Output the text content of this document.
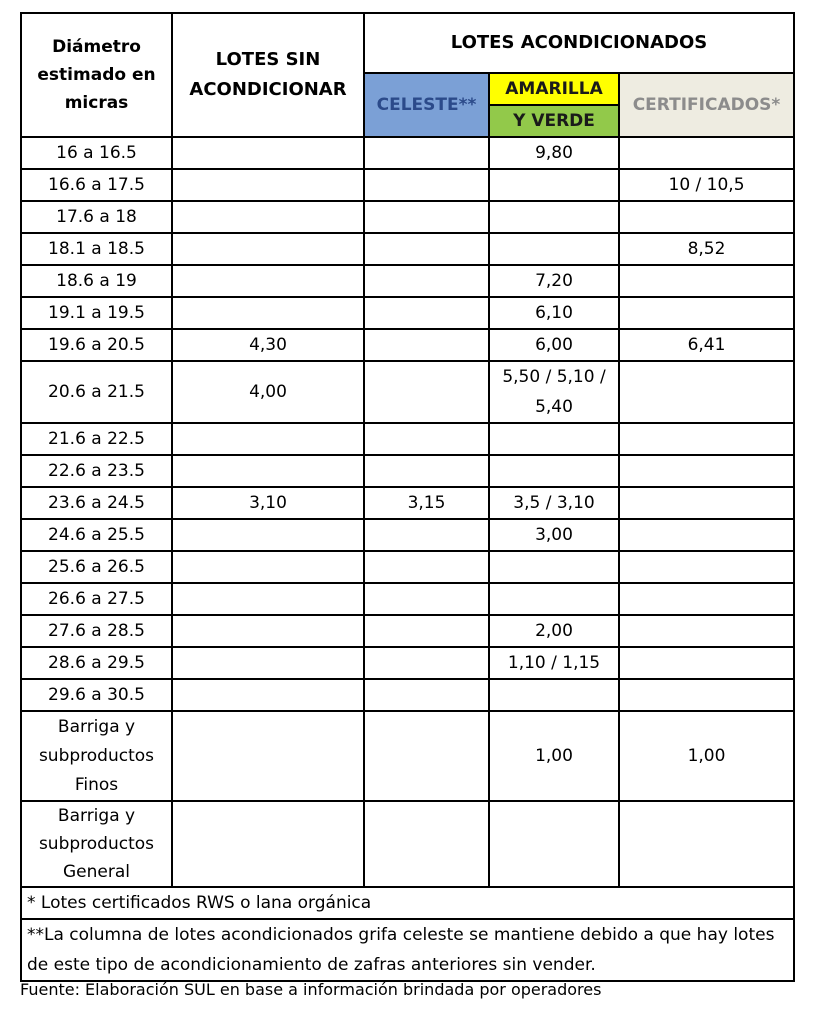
Diámetro estimado en micras	LOTES SIN ACONDICIONAR	LOTES ACONDICIONADOS		
		CELESTE**	AMARILLA	CERTIFICADOS*
			Y VERDE	
16 a 16.5			9,80	
16.6 a 17.5				10 / 10,5
17.6 a 18				
18.1 a 18.5				8,52
18.6 a 19			7,20	
19.1 a 19.5			6,10	
19.6 a 20.5	4,30		6,00	6,41
20.6 a 21.5	4,00		5,50 / 5,10 / 5,40	
21.6 a 22.5				
22.6 a 23.5				
23.6 a 24.5	3,10	3,15	3,5 / 3,10	
24.6 a 25.5			3,00	
25.6 a 26.5				
26.6 a 27.5				
27.6 a 28.5			2,00	
28.6 a 29.5			1,10 / 1,15	
29.6 a 30.5				
Barriga y subproductos Finos			1,00	1,00
Barriga y subproductos General				
* Lotes certificados RWS o lana orgánica				
**La columna de lotes acondicionados grifa celeste se mantiene debido a que hay lotes de este tipo de acondicionamiento de zafras anteriores sin vender.				
Fuente: Elaboración SUL en base a información brindada por operadores
